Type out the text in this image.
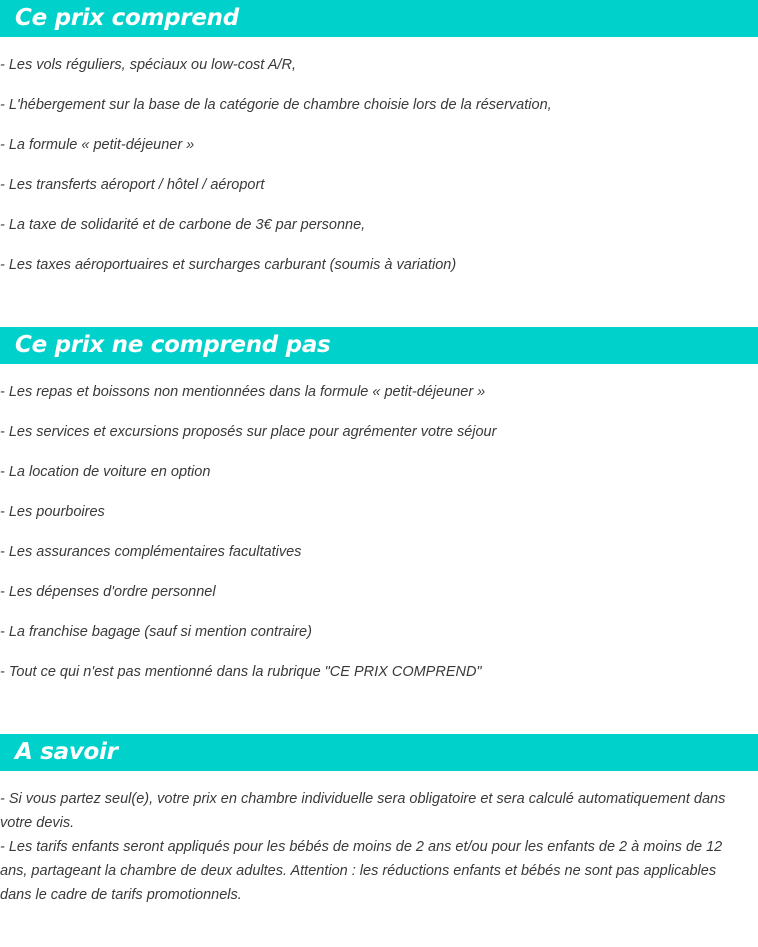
Ce prix comprend

- Les vols réguliers, spéciaux ou low-cost A/R,

- L'hébergement sur la base de la catégorie de chambre choisie lors de la réservation,

- La formule « petit-déjeuner »

- Les transferts aéroport / hôtel / aéroport

- La taxe de solidarité et de carbone de 3€ par personne,

- Les taxes aéroportuaires et surcharges carburant (soumis à variation)

Ce prix ne comprend pas

- Les repas et boissons non mentionnées dans la formule « petit-déjeuner »

- Les services et excursions proposés sur place pour agrémenter votre séjour

- La location de voiture en option

- Les pourboires

- Les assurances complémentaires facultatives

- Les dépenses d'ordre personnel

- La franchise bagage (sauf si mention contraire)

- Tout ce qui n'est pas mentionné dans la rubrique "CE PRIX COMPREND"

A savoir

- Si vous partez seul(e), votre prix en chambre individuelle sera obligatoire et sera calculé automatiquement dans votre devis.

- Les tarifs enfants seront appliqués pour les bébés de moins de 2 ans et/ou pour les enfants de 2 à moins de 12 ans, partageant la chambre de deux adultes. Attention : les réductions enfants et bébés ne sont pas applicables dans le cadre de tarifs promotionnels.
